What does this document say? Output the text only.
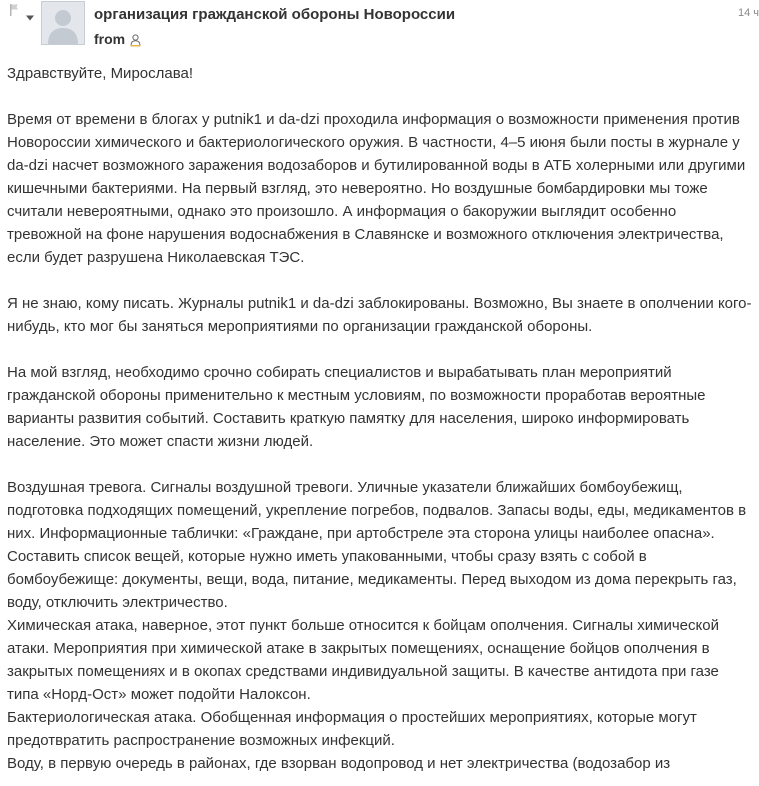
организация гражданской обороны Новороссии
from
14 ч

Здравствуйте, Мирослава!

Время от времени в блогах у putnik1 и da-dzi проходила информация о возможности применения против Новороссии химического и бактериологического оружия. В частности, 4–5 июня были посты в журнале у da-dzi насчет возможного заражения водозаборов и бутилированной воды в АТБ холерными или другими кишечными бактериями. На первый взгляд, это невероятно. Но воздушные бомбардировки мы тоже считали невероятными, однако это произошло. А информация о бакоружии выглядит особенно тревожной на фоне нарушения водоснабжения в Славянске и возможного отключения электричества, если будет разрушена Николаевская ТЭС.

Я не знаю, кому писать. Журналы putnik1 и da-dzi заблокированы. Возможно, Вы знаете в ополчении кого-нибудь, кто мог бы заняться мероприятиями по организации гражданской обороны.

На мой взгляд, необходимо срочно собирать специалистов и вырабатывать план мероприятий гражданской обороны применительно к местным условиям, по возможности проработав вероятные варианты развития событий. Составить краткую памятку для населения, широко информировать население. Это может спасти жизни людей.

Воздушная тревога. Сигналы воздушной тревоги. Уличные указатели ближайших бомбоубежищ, подготовка подходящих помещений, укрепление погребов, подвалов. Запасы воды, еды, медикаментов в них. Информационные таблички: «Граждане, при артобстреле эта сторона улицы наиболее опасна». Составить список вещей, которые нужно иметь упакованными, чтобы сразу взять с собой в бомбоубежище: документы, вещи, вода, питание, медикаменты. Перед выходом из дома перекрыть газ, воду, отключить электричество.

Химическая атака, наверное, этот пункт больше относится к бойцам ополчения. Сигналы химической атаки. Мероприятия при химической атаке в закрытых помещениях, оснащение бойцов ополчения в закрытых помещениях и в окопах средствами индивидуальной защиты. В качестве антидота при газе типа «Норд-Ост» может подойти Налоксон.

Бактериологическая атака. Обобщенная информация о простейших мероприятиях, которые могут предотвратить распространение возможных инфекций.

Воду, в первую очередь в районах, где взорван водопровод и нет электричества (водозабор из
